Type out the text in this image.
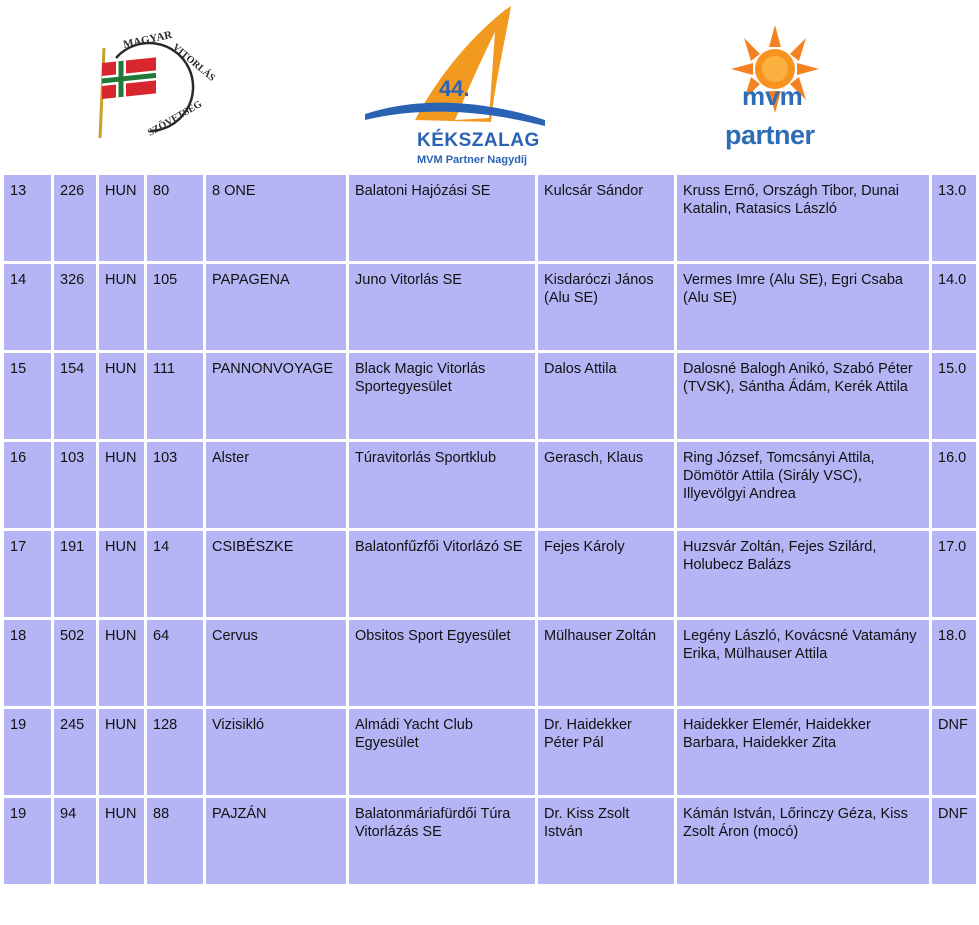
MAGYAR
VITORLÁS
SZÖVETSÉG
44.
KÉKSZALAG
MVM Partner Nagydíj
mvm
partner
13	226	HUN	80	8 ONE	Balatoni Hajózási SE	Kulcsár Sándor	Kruss Ernő, Országh Tibor, Dunai Katalin, Ratasics László	13.0
14	326	HUN	105	PAPAGENA	Juno Vitorlás SE	Kisdaróczi János (Alu SE)	Vermes Imre (Alu SE), Egri Csaba (Alu SE)	14.0
15	154	HUN	111	PANNONVOYAGE	Black Magic Vitorlás Sportegyesület	Dalos Attila	Dalosné Balogh Anikó, Szabó Péter (TVSK), Sántha Ádám, Kerék Attila	15.0
16	103	HUN	103	Alster	Túravitorlás Sportklub	Gerasch, Klaus	Ring József, Tomcsányi Attila, Dömötör Attila (Sirály VSC), Illyevölgyi Andrea	16.0
17	191	HUN	14	CSIBÉSZKE	Balatonfűzfői Vitorlázó SE	Fejes Károly	Huzsvár Zoltán, Fejes Szilárd, Holubecz Balázs	17.0
18	502	HUN	64	Cervus	Obsitos Sport Egyesület	Mülhauser Zoltán	Legény László, Kovácsné Vatamány Erika, Mülhauser Attila	18.0
19	245	HUN	128	Vizisikló	Almádi Yacht Club Egyesület	Dr. Haidekker Péter Pál	Haidekker Elemér, Haidekker Barbara, Haidekker Zita	DNF
19	94	HUN	88	PAJZÁN	Balatonmáriafürdői Túra Vitorlázás SE	Dr. Kiss Zsolt István	Kámán István, Lőrinczy Géza, Kiss Zsolt Áron (mocó)	DNF
